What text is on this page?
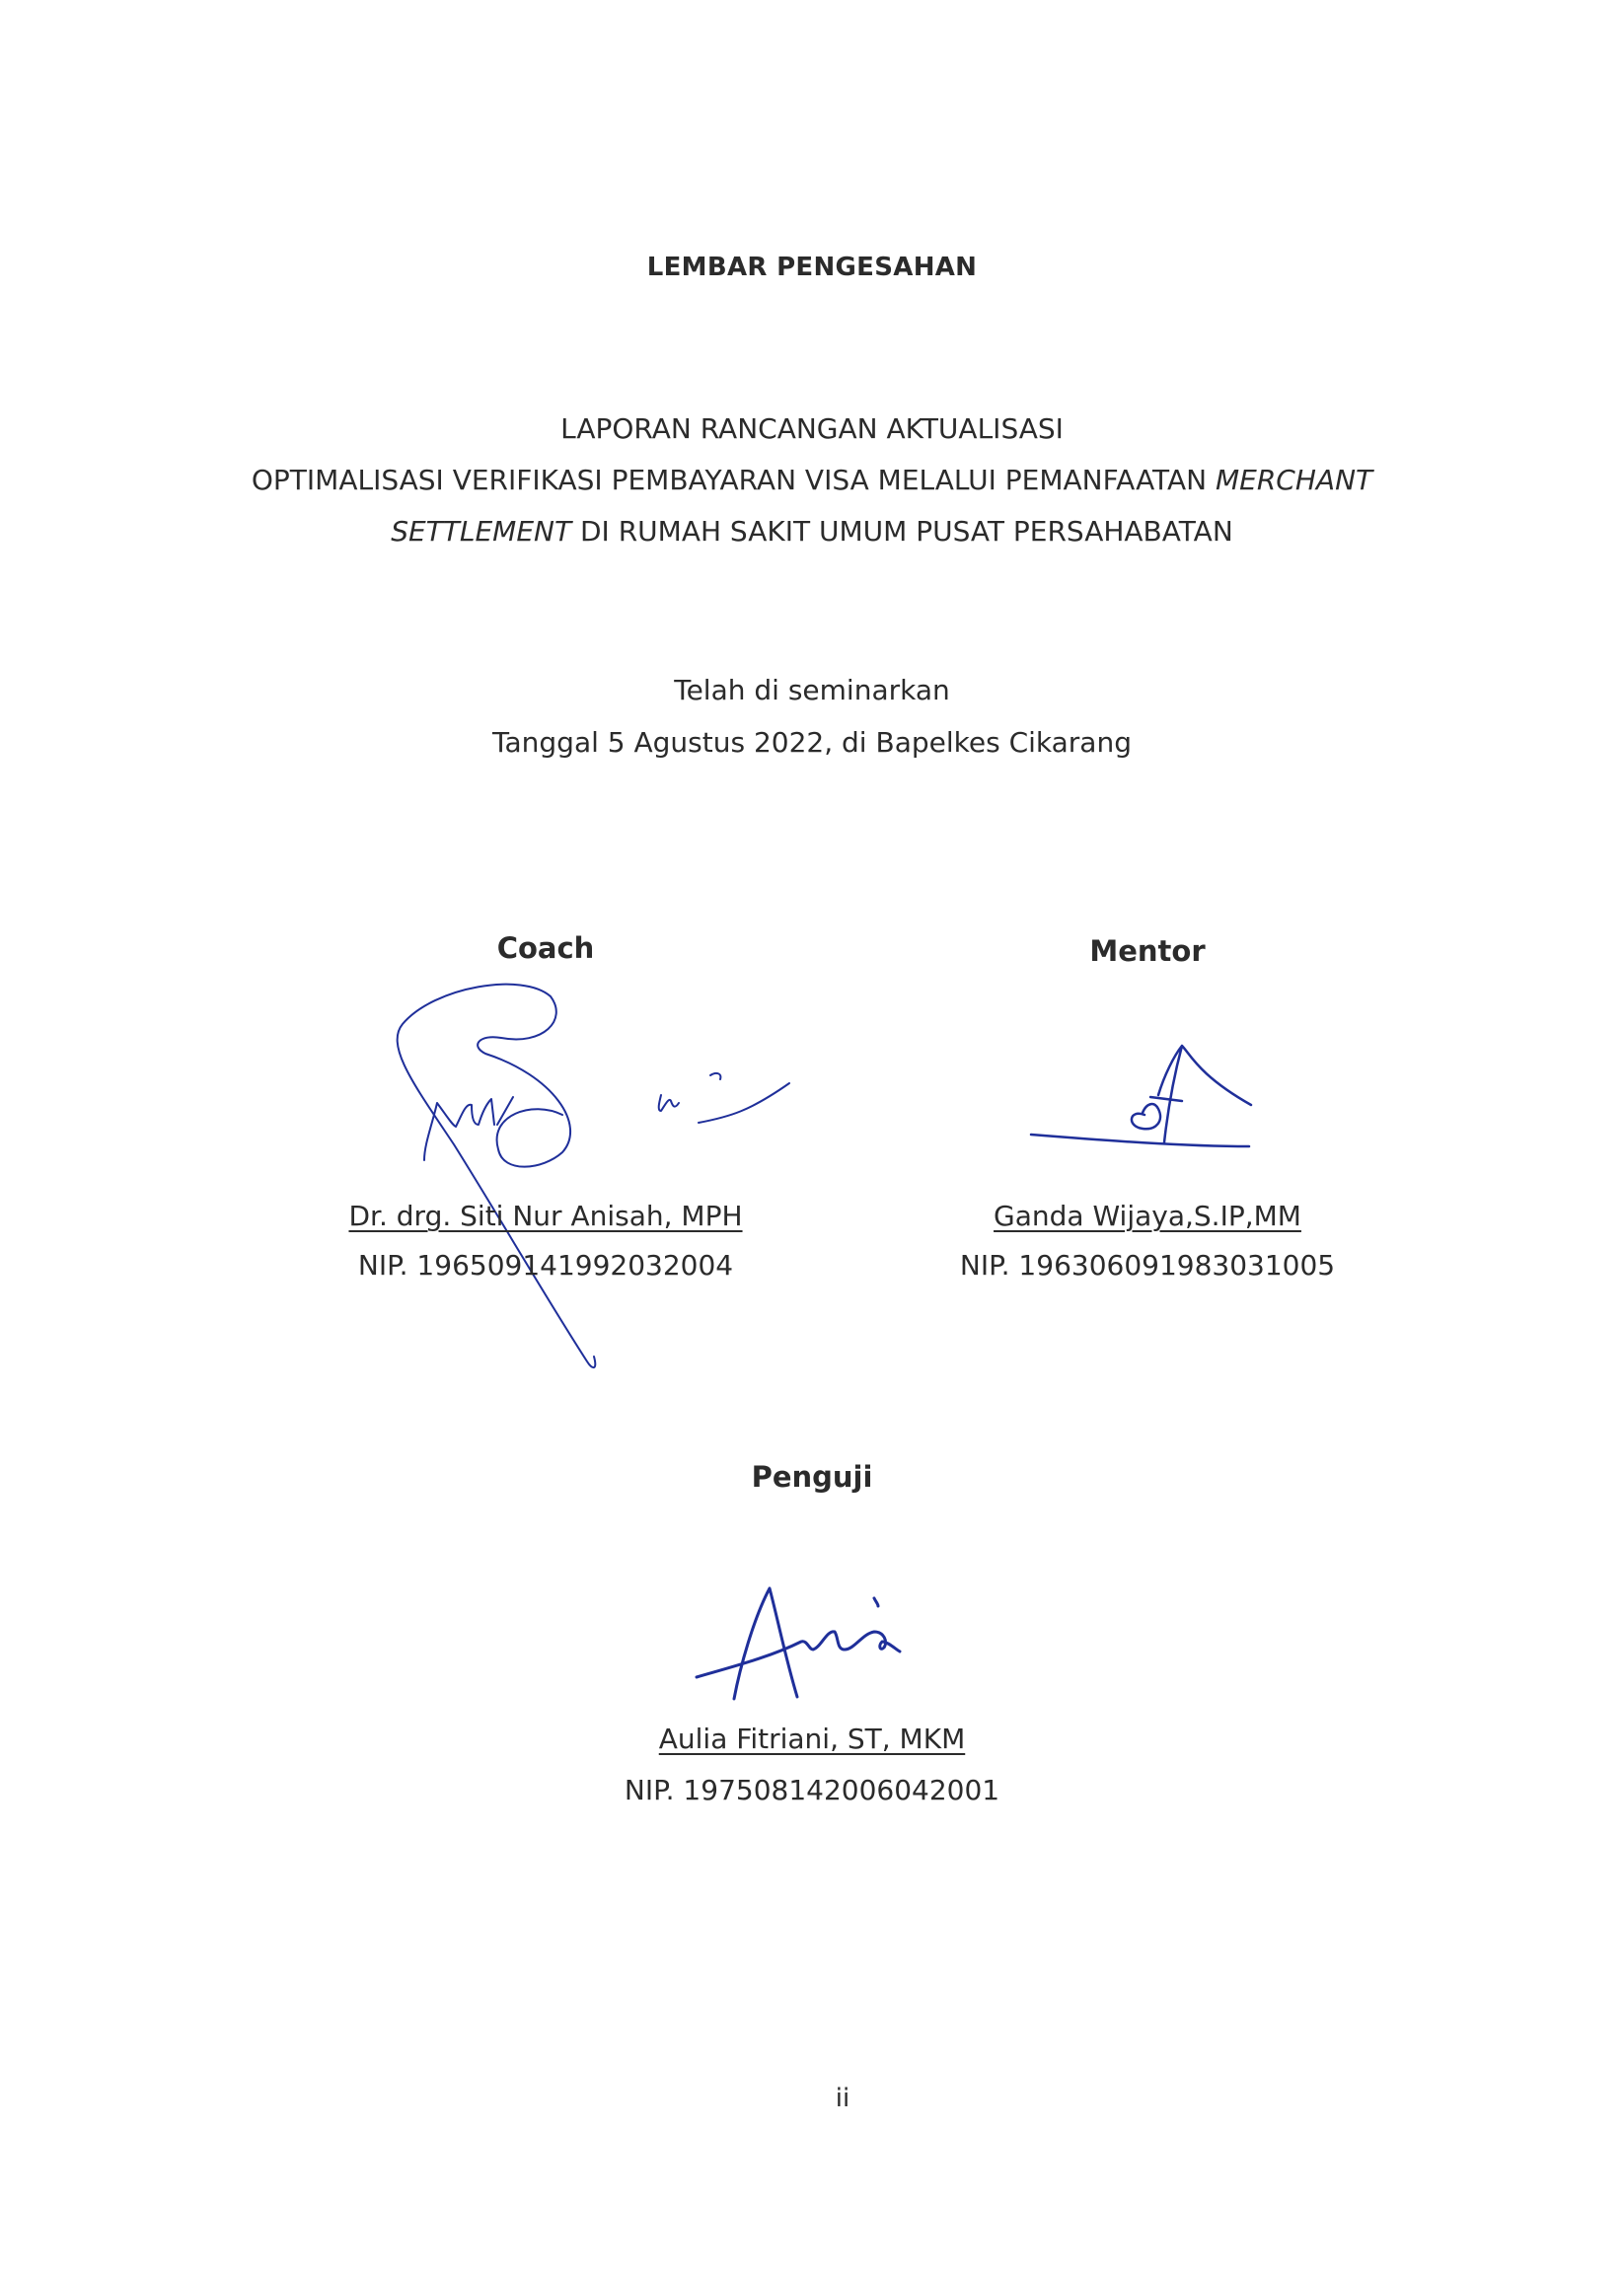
LEMBAR PENGESAHAN
LAPORAN RANCANGAN AKTUALISASI
OPTIMALISASI VERIFIKASI PEMBAYARAN VISA MELALUI PEMANFAATAN MERCHANT
SETTLEMENT DI RUMAH SAKIT UMUM PUSAT PERSAHABATAN
Telah di seminarkan
Tanggal 5 Agustus 2022, di Bapelkes Cikarang
Coach
Dr. drg. Siti Nur Anisah, MPH
NIP. 196509141992032004
Mentor
Ganda Wijaya,S.IP,MM
NIP. 196306091983031005
Penguji
Aulia Fitriani, ST, MKM
NIP. 197508142006042001
ii
